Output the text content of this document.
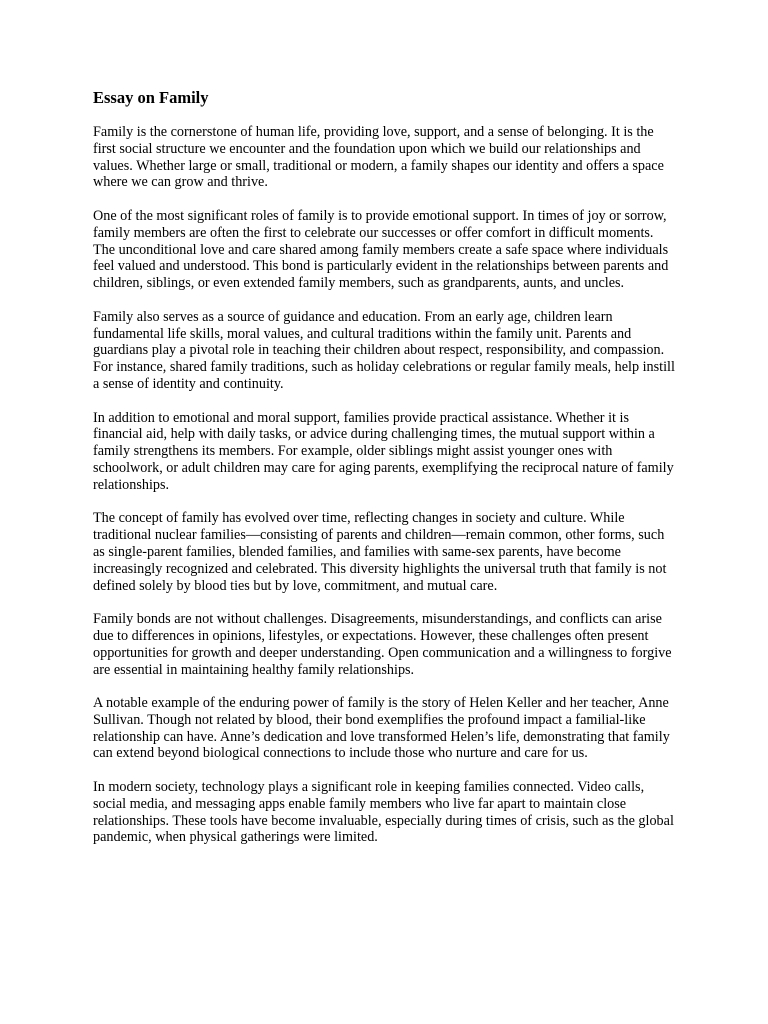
Essay on Family

Family is the cornerstone of human life, providing love, support, and a sense of belonging. It is the first social structure we encounter and the foundation upon which we build our relationships and values. Whether large or small, traditional or modern, a family shapes our identity and offers a space where we can grow and thrive.

One of the most significant roles of family is to provide emotional support. In times of joy or sorrow, family members are often the first to celebrate our successes or offer comfort in difficult moments. The unconditional love and care shared among family members create a safe space where individuals feel valued and understood. This bond is particularly evident in the relationships between parents and children, siblings, or even extended family members, such as grandparents, aunts, and uncles.

Family also serves as a source of guidance and education. From an early age, children learn fundamental life skills, moral values, and cultural traditions within the family unit. Parents and guardians play a pivotal role in teaching their children about respect, responsibility, and compassion. For instance, shared family traditions, such as holiday celebrations or regular family meals, help instill a sense of identity and continuity.

In addition to emotional and moral support, families provide practical assistance. Whether it is financial aid, help with daily tasks, or advice during challenging times, the mutual support within a family strengthens its members. For example, older siblings might assist younger ones with schoolwork, or adult children may care for aging parents, exemplifying the reciprocal nature of family relationships.

The concept of family has evolved over time, reflecting changes in society and culture. While traditional nuclear families—consisting of parents and children—remain common, other forms, such as single-parent families, blended families, and families with same-sex parents, have become increasingly recognized and celebrated. This diversity highlights the universal truth that family is not defined solely by blood ties but by love, commitment, and mutual care.

Family bonds are not without challenges. Disagreements, misunderstandings, and conflicts can arise due to differences in opinions, lifestyles, or expectations. However, these challenges often present opportunities for growth and deeper understanding. Open communication and a willingness to forgive are essential in maintaining healthy family relationships.

A notable example of the enduring power of family is the story of Helen Keller and her teacher, Anne Sullivan. Though not related by blood, their bond exemplifies the profound impact a familial-like relationship can have. Anne’s dedication and love transformed Helen’s life, demonstrating that family can extend beyond biological connections to include those who nurture and care for us.

In modern society, technology plays a significant role in keeping families connected. Video calls, social media, and messaging apps enable family members who live far apart to maintain close relationships. These tools have become invaluable, especially during times of crisis, such as the global pandemic, when physical gatherings were limited.
